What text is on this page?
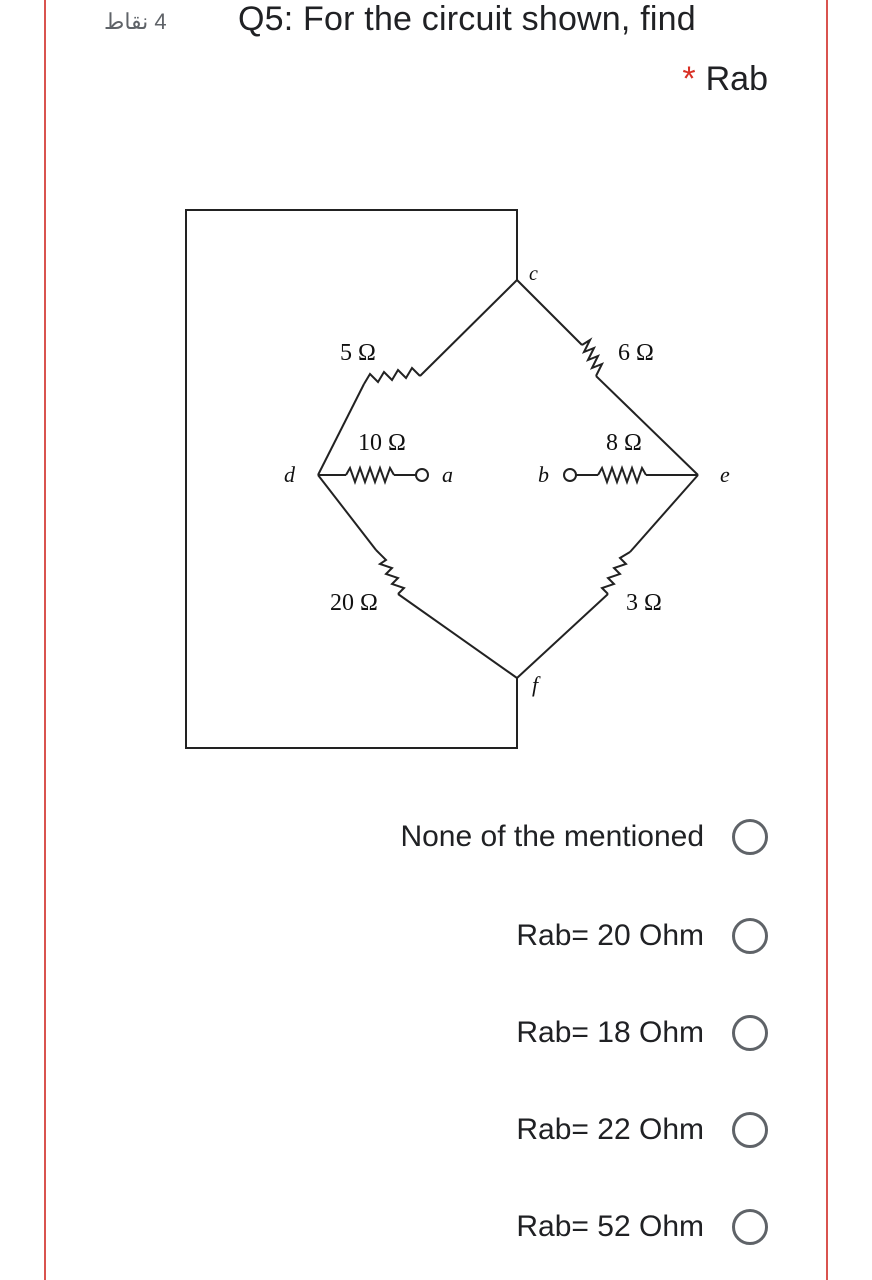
4 نقاط Q5: For the circuit shown, find
* Rab
5 Ω	6 Ω
10 Ω	8 Ω
20 Ω	3 Ω
c
d	a	b	e
f
None of the mentioned
Rab= 20 Ohm
Rab= 18 Ohm
Rab= 22 Ohm
Rab= 52 Ohm
